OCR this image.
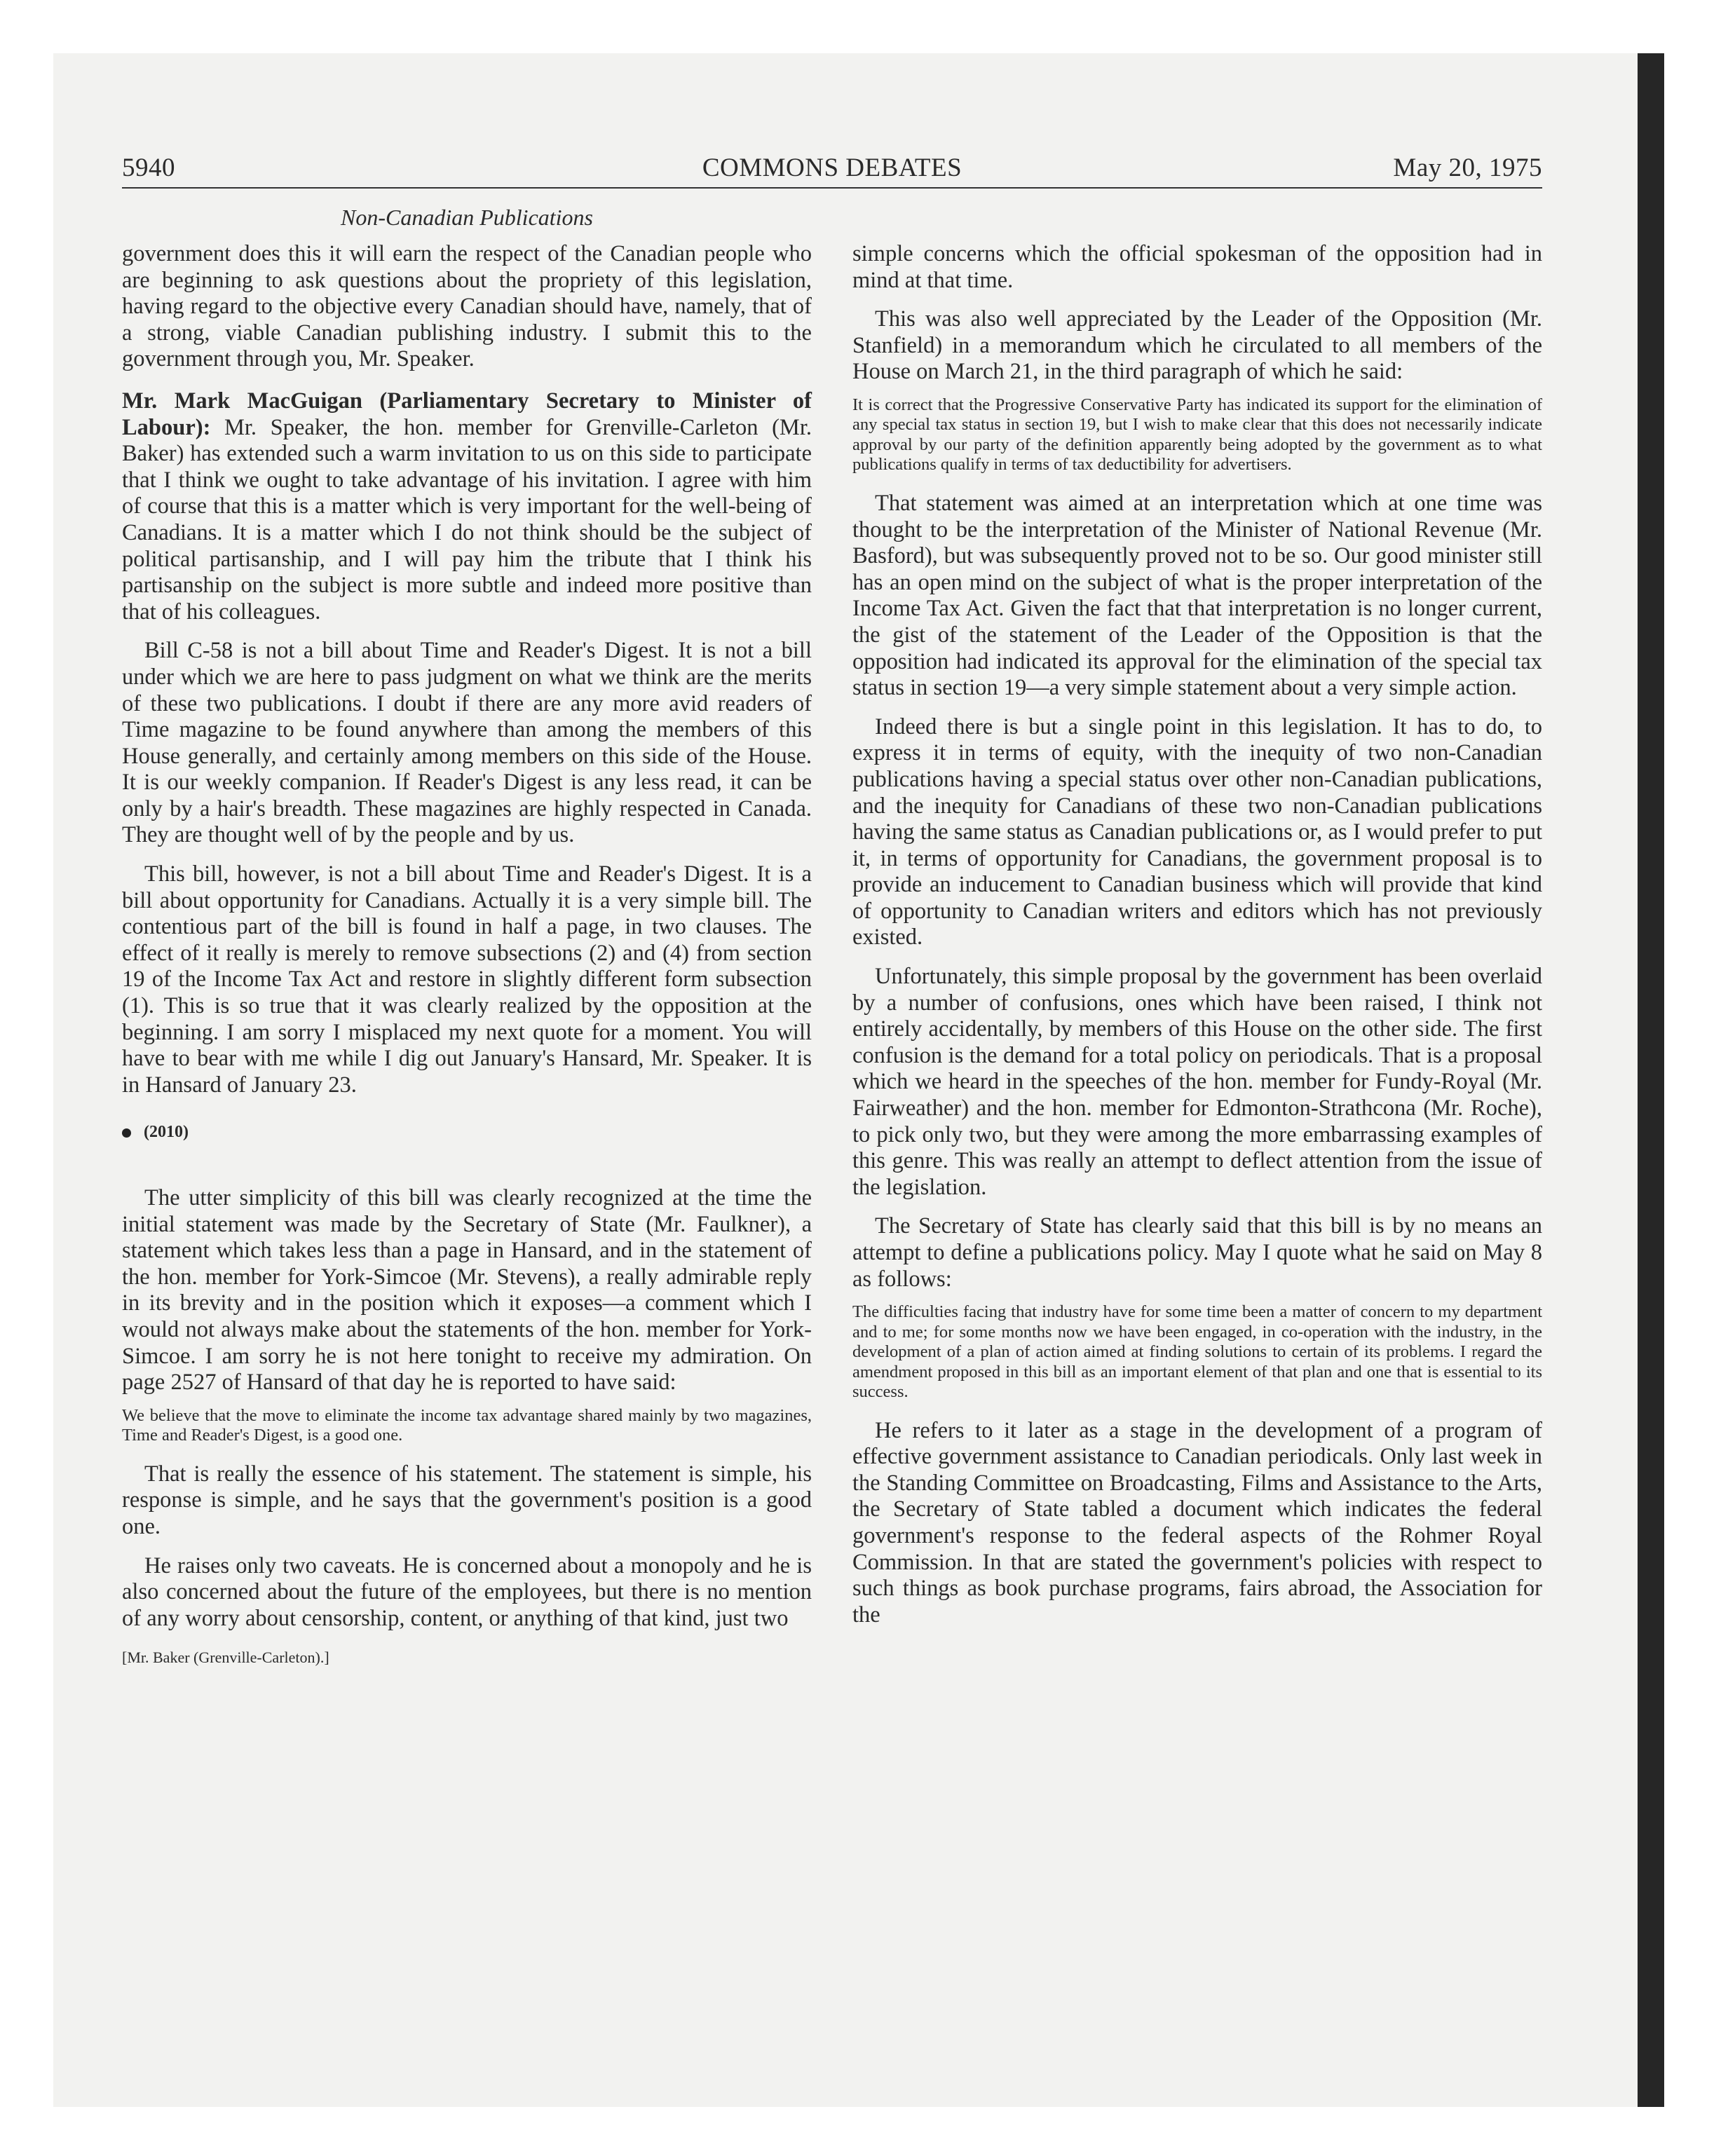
5940	COMMONS DEBATES	May 20, 1975
Non-Canadian Publications

government does this it will earn the respect of the Canadian people who are beginning to ask questions about the propriety of this legislation, having regard to the objective every Canadian should have, namely, that of a strong, viable Canadian publishing industry. I submit this to the government through you, Mr. Speaker.

Mr. Mark MacGuigan (Parliamentary Secretary to Minister of Labour): Mr. Speaker, the hon. member for Grenville-Carleton (Mr. Baker) has extended such a warm invitation to us on this side to participate that I think we ought to take advantage of his invitation. I agree with him of course that this is a matter which is very important for the well-being of Canadians. It is a matter which I do not think should be the subject of political partisanship, and I will pay him the tribute that I think his partisanship on the subject is more subtle and indeed more positive than that of his colleagues.

Bill C-58 is not a bill about Time and Reader's Digest. It is not a bill under which we are here to pass judgment on what we think are the merits of these two publications. I doubt if there are any more avid readers of Time magazine to be found anywhere than among the members of this House generally, and certainly among members on this side of the House. It is our weekly companion. If Reader's Digest is any less read, it can be only by a hair's breadth. These magazines are highly respected in Canada. They are thought well of by the people and by us.

This bill, however, is not a bill about Time and Reader's Digest. It is a bill about opportunity for Canadians. Actually it is a very simple bill. The contentious part of the bill is found in half a page, in two clauses. The effect of it really is merely to remove subsections (2) and (4) from section 19 of the Income Tax Act and restore in slightly different form subsection (1). This is so true that it was clearly realized by the opposition at the beginning. I am sorry I misplaced my next quote for a moment. You will have to bear with me while I dig out January's Hansard, Mr. Speaker. It is in Hansard of January 23.

(2010)

The utter simplicity of this bill was clearly recognized at the time the initial statement was made by the Secretary of State (Mr. Faulkner), a statement which takes less than a page in Hansard, and in the statement of the hon. member for York-Simcoe (Mr. Stevens), a really admirable reply in its brevity and in the position which it exposes—a comment which I would not always make about the statements of the hon. member for York-Simcoe. I am sorry he is not here tonight to receive my admiration. On page 2527 of Hansard of that day he is reported to have said:

We believe that the move to eliminate the income tax advantage shared mainly by two magazines, Time and Reader's Digest, is a good one.

That is really the essence of his statement. The statement is simple, his response is simple, and he says that the government's position is a good one.

He raises only two caveats. He is concerned about a monopoly and he is also concerned about the future of the employees, but there is no mention of any worry about censorship, content, or anything of that kind, just two

[Mr. Baker (Grenville-Carleton).]

simple concerns which the official spokesman of the opposition had in mind at that time.

This was also well appreciated by the Leader of the Opposition (Mr. Stanfield) in a memorandum which he circulated to all members of the House on March 21, in the third paragraph of which he said:

It is correct that the Progressive Conservative Party has indicated its support for the elimination of any special tax status in section 19, but I wish to make clear that this does not necessarily indicate approval by our party of the definition apparently being adopted by the government as to what publications qualify in terms of tax deductibility for advertisers.

That statement was aimed at an interpretation which at one time was thought to be the interpretation of the Minister of National Revenue (Mr. Basford), but was subsequently proved not to be so. Our good minister still has an open mind on the subject of what is the proper interpretation of the Income Tax Act. Given the fact that that interpretation is no longer current, the gist of the statement of the Leader of the Opposition is that the opposition had indicated its approval for the elimination of the special tax status in section 19—a very simple statement about a very simple action.

Indeed there is but a single point in this legislation. It has to do, to express it in terms of equity, with the inequity of two non-Canadian publications having a special status over other non-Canadian publications, and the inequity for Canadians of these two non-Canadian publications having the same status as Canadian publications or, as I would prefer to put it, in terms of opportunity for Canadians, the government proposal is to provide an inducement to Canadian business which will provide that kind of opportunity to Canadian writers and editors which has not previously existed.

Unfortunately, this simple proposal by the government has been overlaid by a number of confusions, ones which have been raised, I think not entirely accidentally, by members of this House on the other side. The first confusion is the demand for a total policy on periodicals. That is a proposal which we heard in the speeches of the hon. member for Fundy-Royal (Mr. Fairweather) and the hon. member for Edmonton-Strathcona (Mr. Roche), to pick only two, but they were among the more embarrassing examples of this genre. This was really an attempt to deflect attention from the issue of the legislation.

The Secretary of State has clearly said that this bill is by no means an attempt to define a publications policy. May I quote what he said on May 8 as follows:

The difficulties facing that industry have for some time been a matter of concern to my department and to me; for some months now we have been engaged, in co-operation with the industry, in the development of a plan of action aimed at finding solutions to certain of its problems. I regard the amendment proposed in this bill as an important element of that plan and one that is essential to its success.

He refers to it later as a stage in the development of a program of effective government assistance to Canadian periodicals. Only last week in the Standing Committee on Broadcasting, Films and Assistance to the Arts, the Secretary of State tabled a document which indicates the federal government's response to the federal aspects of the Rohmer Royal Commission. In that are stated the government's policies with respect to such things as book purchase programs, fairs abroad, the Association for the
